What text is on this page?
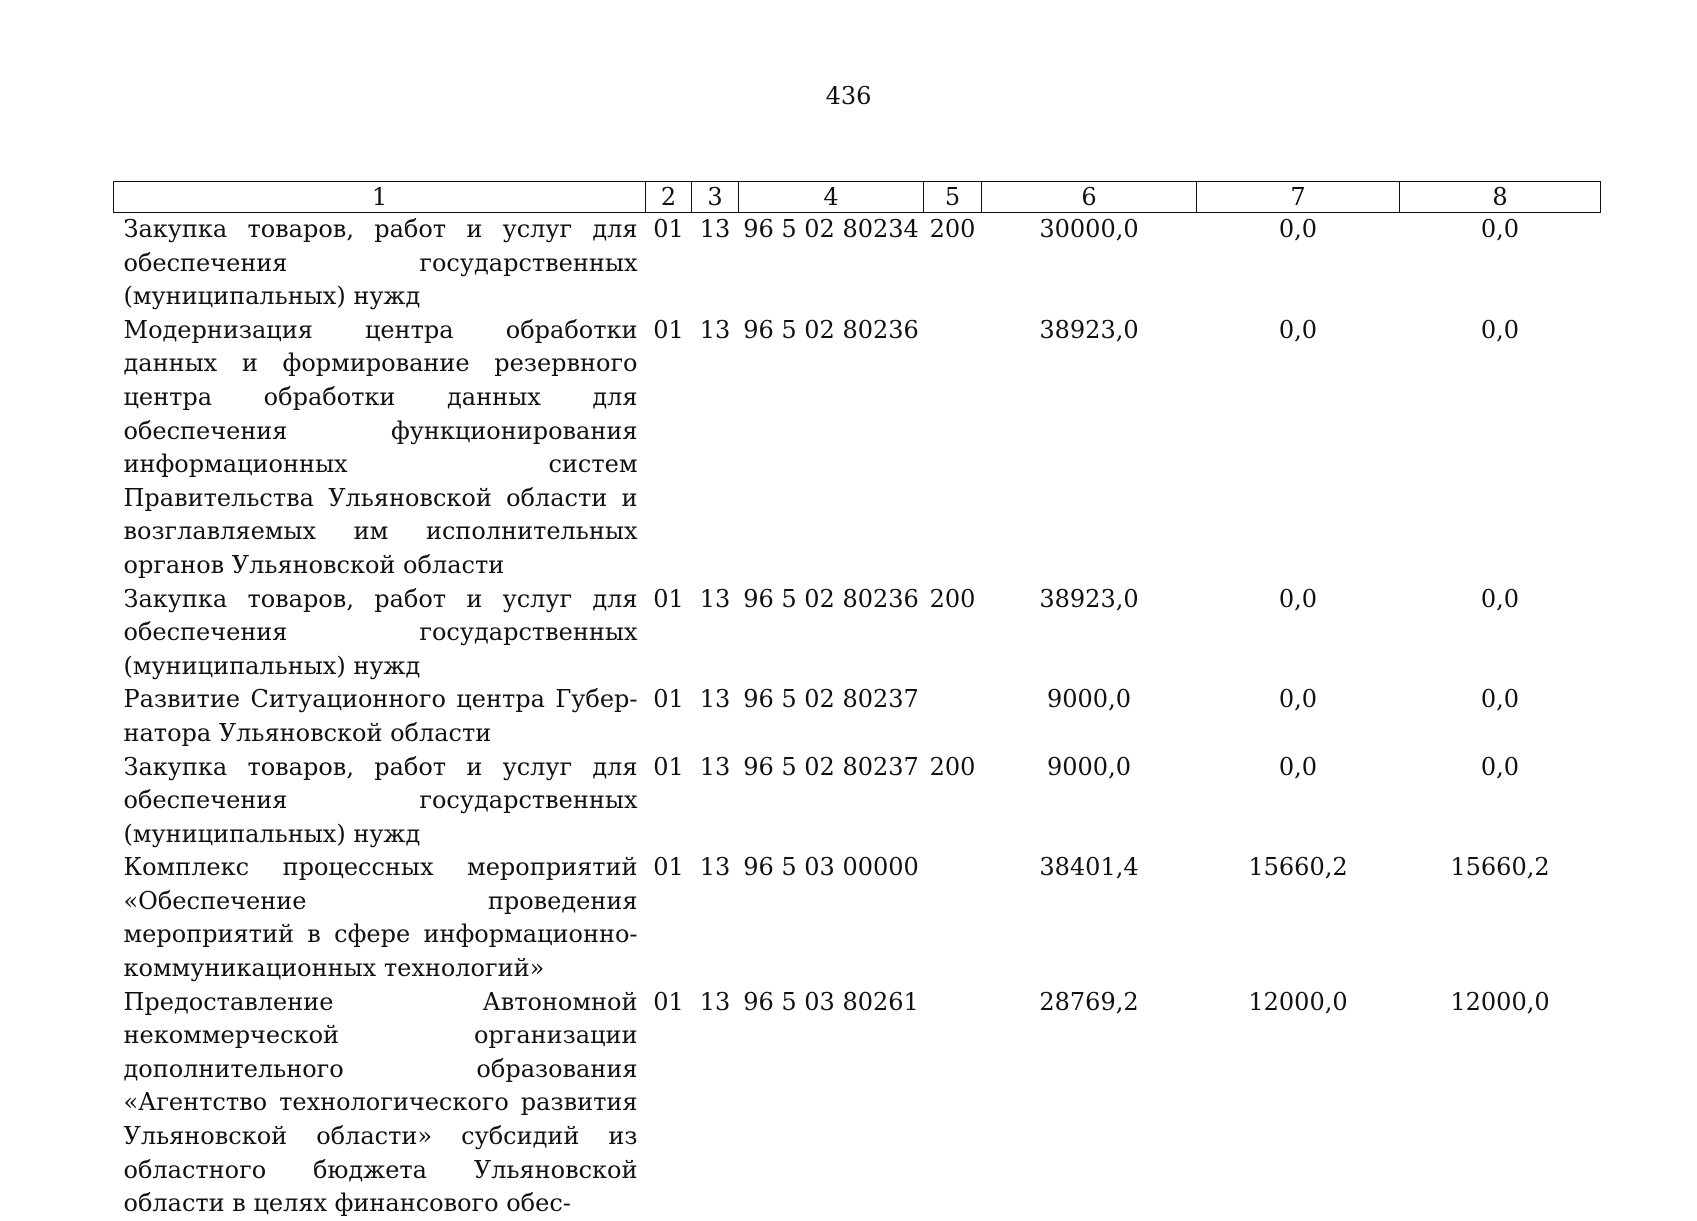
436
1	2	3	4	5	6	7	8
Закупка товаров, работ и услуг для обеспечения государственных (муниципальных) нужд	01	13	96 5 02 80234	200	30000,0	0,0	0,0
Модернизация центра обработки данных и формирование резервного центра обработки данных для обеспечения функционирования информационных систем Правительства Ульяновской области и возглавляемых им исполнительных органов Ульяновской области	01	13	96 5 02 80236		38923,0	0,0	0,0
Закупка товаров, работ и услуг для обеспечения государственных (муниципальных) нужд	01	13	96 5 02 80236	200	38923,0	0,0	0,0
Развитие Ситуационного центра Губернатора Ульяновской области	01	13	96 5 02 80237		9000,0	0,0	0,0
Закупка товаров, работ и услуг для обеспечения государственных (муниципальных) нужд	01	13	96 5 02 80237	200	9000,0	0,0	0,0
Комплекс процессных мероприятий «Обеспечение проведения мероприятий в сфере информационно-коммуникационных технологий»	01	13	96 5 03 00000		38401,4	15660,2	15660,2
Предоставление Автономной некоммерческой организации дополнительного образования «Агентство технологического развития Ульяновской области» субсидий из областного бюджета Ульяновской области в целях финансового обес-	01	13	96 5 03 80261		28769,2	12000,0	12000,0
